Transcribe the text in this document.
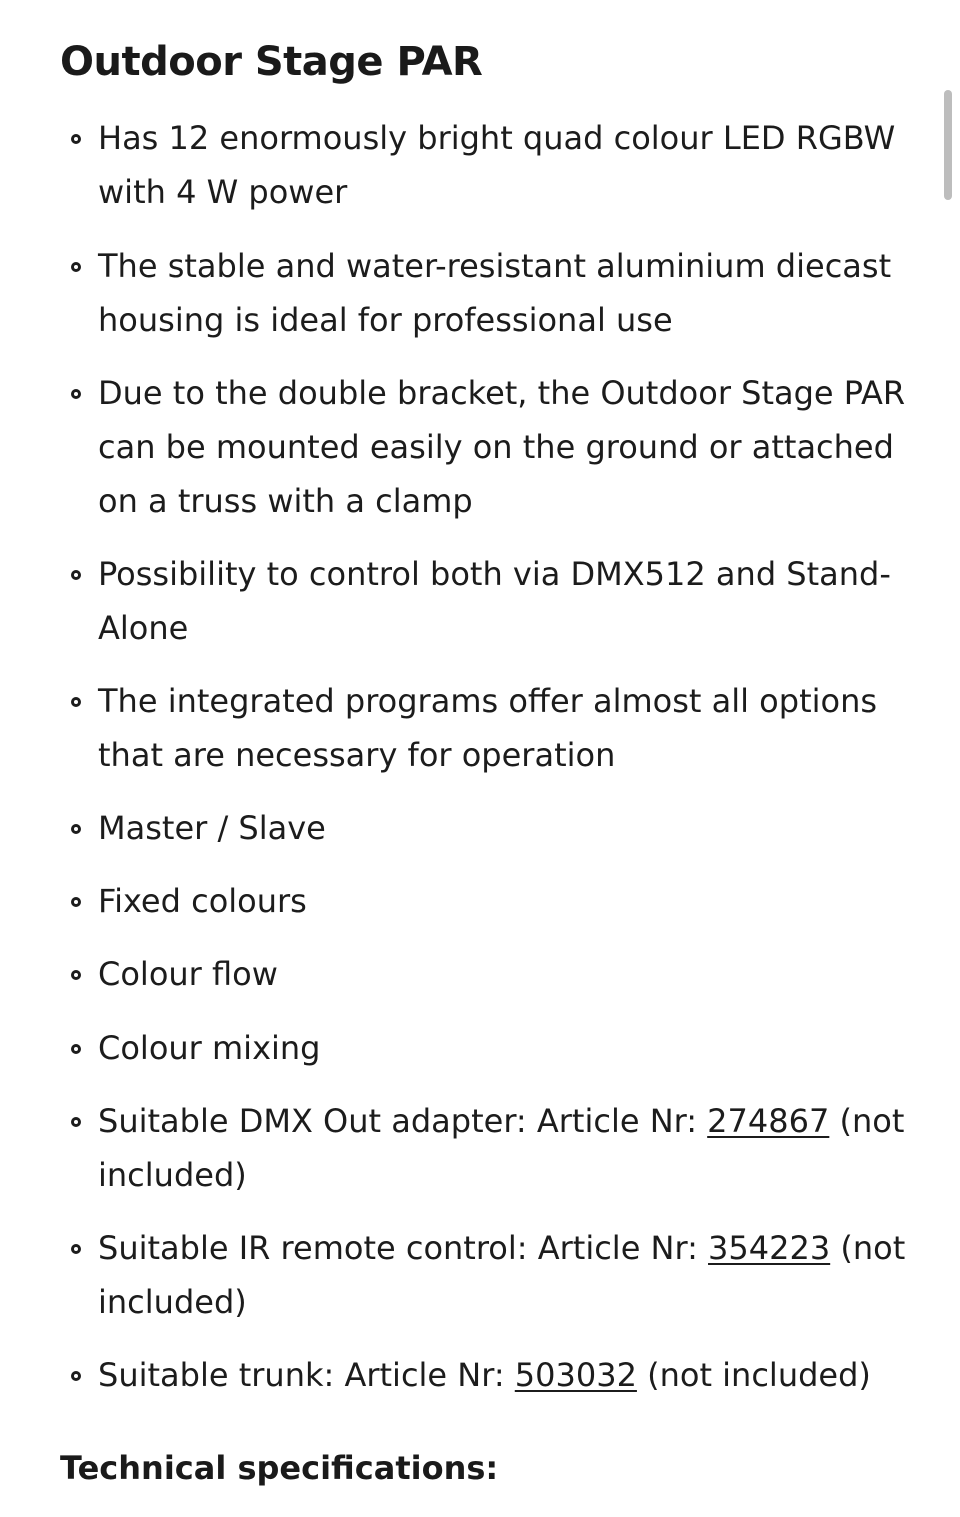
Outdoor Stage PAR
Has 12 enormously bright quad colour LED RGBW
with 4 W power
The stable and water-resistant aluminium diecast
housing is ideal for professional use
Due to the double bracket, the Outdoor Stage PAR
can be mounted easily on the ground or attached
on a truss with a clamp
Possibility to control both via DMX512 and Stand-
Alone
The integrated programs offer almost all options
that are necessary for operation
Master / Slave
Fixed colours
Colour flow
Colour mixing
Suitable DMX Out adapter: Article Nr: 274867 (not
included)
Suitable IR remote control: Article Nr: 354223 (not
included)
Suitable trunk: Article Nr: 503032 (not included)
Technical specifications:
